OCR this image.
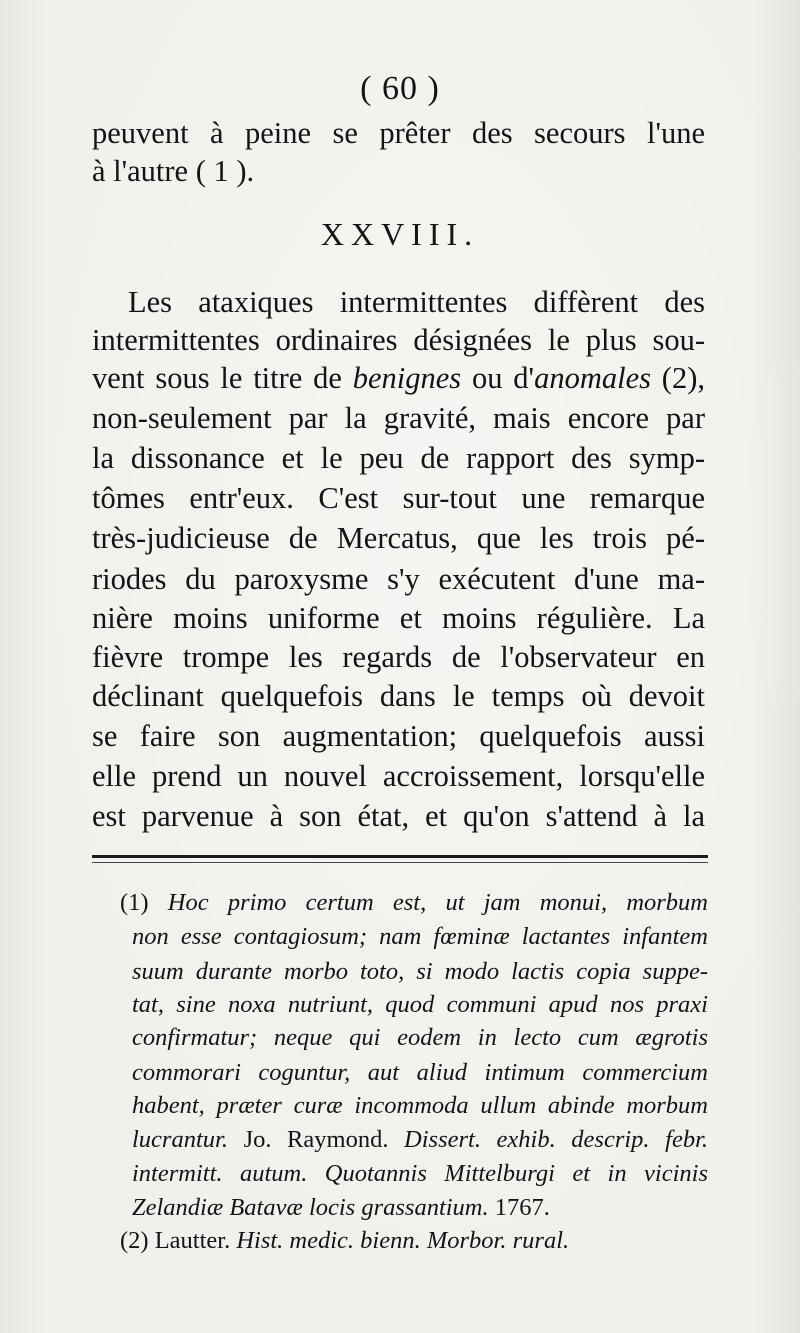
( 60 )
peuvent à peine se prêter des secours l'une
à l'autre ( 1 ).
XXVIII.
Les ataxiques intermittentes diffèrent des
intermittentes ordinaires désignées le plus sou-
vent sous le titre de benignes ou d'anomales (2),
non-seulement par la gravité, mais encore par
la dissonance et le peu de rapport des symp-
tômes entr'eux. C'est sur-tout une remarque
très-judicieuse de Mercatus, que les trois pé-
riodes du paroxysme s'y exécutent d'une ma-
nière moins uniforme et moins régulière. La
fièvre trompe les regards de l'observateur en
déclinant quelquefois dans le temps où devoit
se faire son augmentation; quelquefois aussi
elle prend un nouvel accroissement, lorsqu'elle
est parvenue à son état, et qu'on s'attend à la
(1) Hoc primo certum est, ut jam monui, morbum
non esse contagiosum; nam fœminæ lactantes infantem
suum durante morbo toto, si modo lactis copia suppe-
tat, sine noxa nutriunt, quod communi apud nos praxi
confirmatur; neque qui eodem in lecto cum ægrotis
commorari coguntur, aut aliud intimum commercium
habent, præter curæ incommoda ullum abinde morbum
lucrantur. Jo. Raymond. Dissert. exhib. descrip. febr.
intermitt. autum. Quotannis Mittelburgi et in vicinis
Zelandiæ Batavæ locis grassantium. 1767.
(2) Lautter. Hist. medic. bienn. Morbor. rural.
